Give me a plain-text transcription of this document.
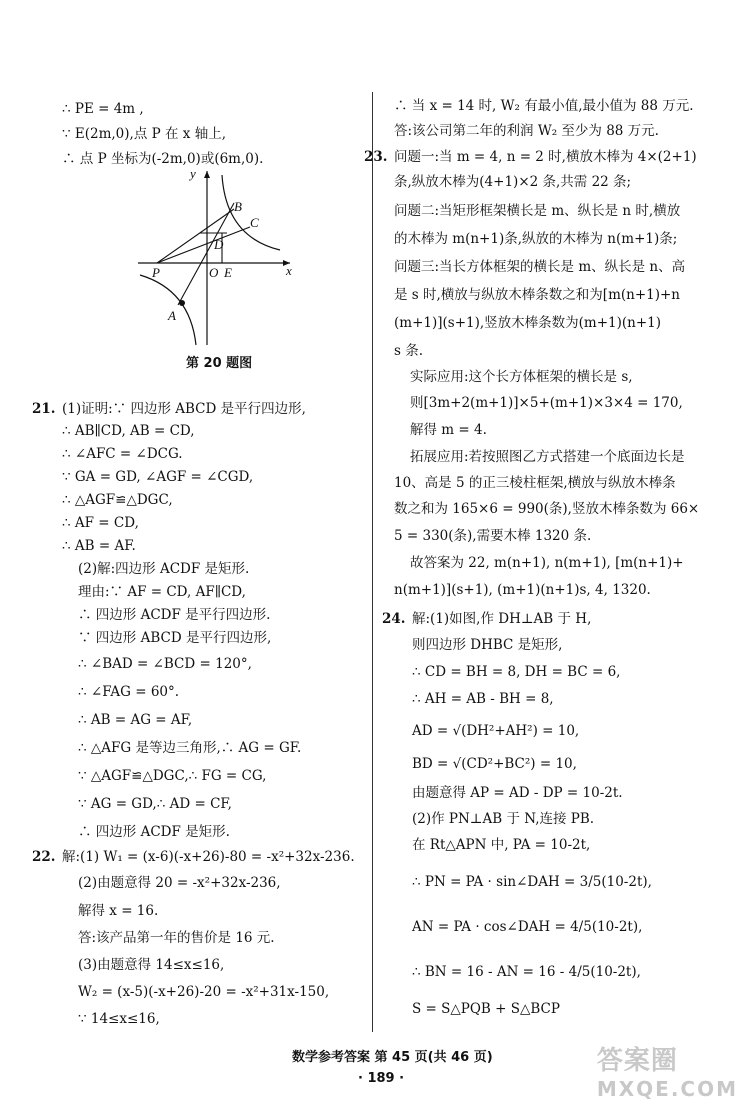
∴ PE = 4m ,
∵ E(2m,0),点 P 在 x 轴上,
∴ 点 P 坐标为(-2m,0)或(6m,0).
21. (1)证明:∵ 四边形 ABCD 是平行四边形,
∴ AB∥CD, AB = CD,
∴ ∠AFC = ∠DCG.
∵ GA = GD, ∠AGF = ∠CGD,
∴ △AGF≌△DGC,
∴ AF = CD,
∴ AB = AF.
(2)解:四边形 ACDF 是矩形.
理由:∵ AF = CD, AF∥CD,
∴ 四边形 ACDF 是平行四边形.
∵ 四边形 ABCD 是平行四边形,
∴ ∠BAD = ∠BCD = 120°,
∴ ∠FAG = 60°.
∴ AB = AG = AF,
∴ △AFG 是等边三角形,∴ AG = GF.
∵ △AGF≌△DGC,∴ FG = CG,
∵ AG = GD,∴ AD = CF,
∴ 四边形 ACDF 是矩形.
22. 解:(1) W₁ = (x-6)(-x+26)-80 = -x²+32x-236.
(2)由题意得 20 = -x²+32x-236,
解得 x = 16.
答:该产品第一年的售价是 16 元.
(3)由题意得 14≤x≤16,
W₂ = (x-5)(-x+26)-20 = -x²+31x-150,
∵ 14≤x≤16,
y
x
O
P	E
D
B
C
A
第 20 题图
∴ 当 x = 14 时, W₂ 有最小值,最小值为 88 万元.
答:该公司第二年的利润 W₂ 至少为 88 万元.
23. 问题一:当 m = 4, n = 2 时,横放木棒为 4×(2+1)
条,纵放木棒为(4+1)×2 条,共需 22 条;
问题二:当矩形框架横长是 m、纵长是 n 时,横放
的木棒为 m(n+1)条,纵放的木棒为 n(m+1)条;
问题三:当长方体框架的横长是 m、纵长是 n、高
是 s 时,横放与纵放木棒条数之和为[m(n+1)+n
(m+1)](s+1),竖放木棒条数为(m+1)(n+1)
s 条.
实际应用:这个长方体框架的横长是 s,
则[3m+2(m+1)]×5+(m+1)×3×4 = 170,
解得 m = 4.
拓展应用:若按照图乙方式搭建一个底面边长是
10、高是 5 的正三棱柱框架,横放与纵放木棒条
数之和为 165×6 = 990(条),竖放木棒条数为 66×
5 = 330(条),需要木棒 1320 条.
故答案为 22, m(n+1), n(m+1), [m(n+1)+
n(m+1)](s+1), (m+1)(n+1)s, 4, 1320.
24. 解:(1)如图,作 DH⊥AB 于 H,
则四边形 DHBC 是矩形,
∴ CD = BH = 8, DH = BC = 6,
∴ AH = AB - BH = 8,
AD = √(DH²+AH²) = 10,
BD = √(CD²+BC²) = 10,
由题意得 AP = AD - DP = 10-2t.
(2)作 PN⊥AB 于 N,连接 PB.
在 Rt△APN 中, PA = 10-2t,
∴ PN = PA · sin∠DAH = 3/5(10-2t),
AN = PA · cos∠DAH = 4/5(10-2t),
∴ BN = 16 - AN = 16 - 4/5(10-2t),
S = S△PQB + S△BCP
数学参考答案 第 45 页(共 46 页)
· 189 ·
答案圈
MXQE.COM
